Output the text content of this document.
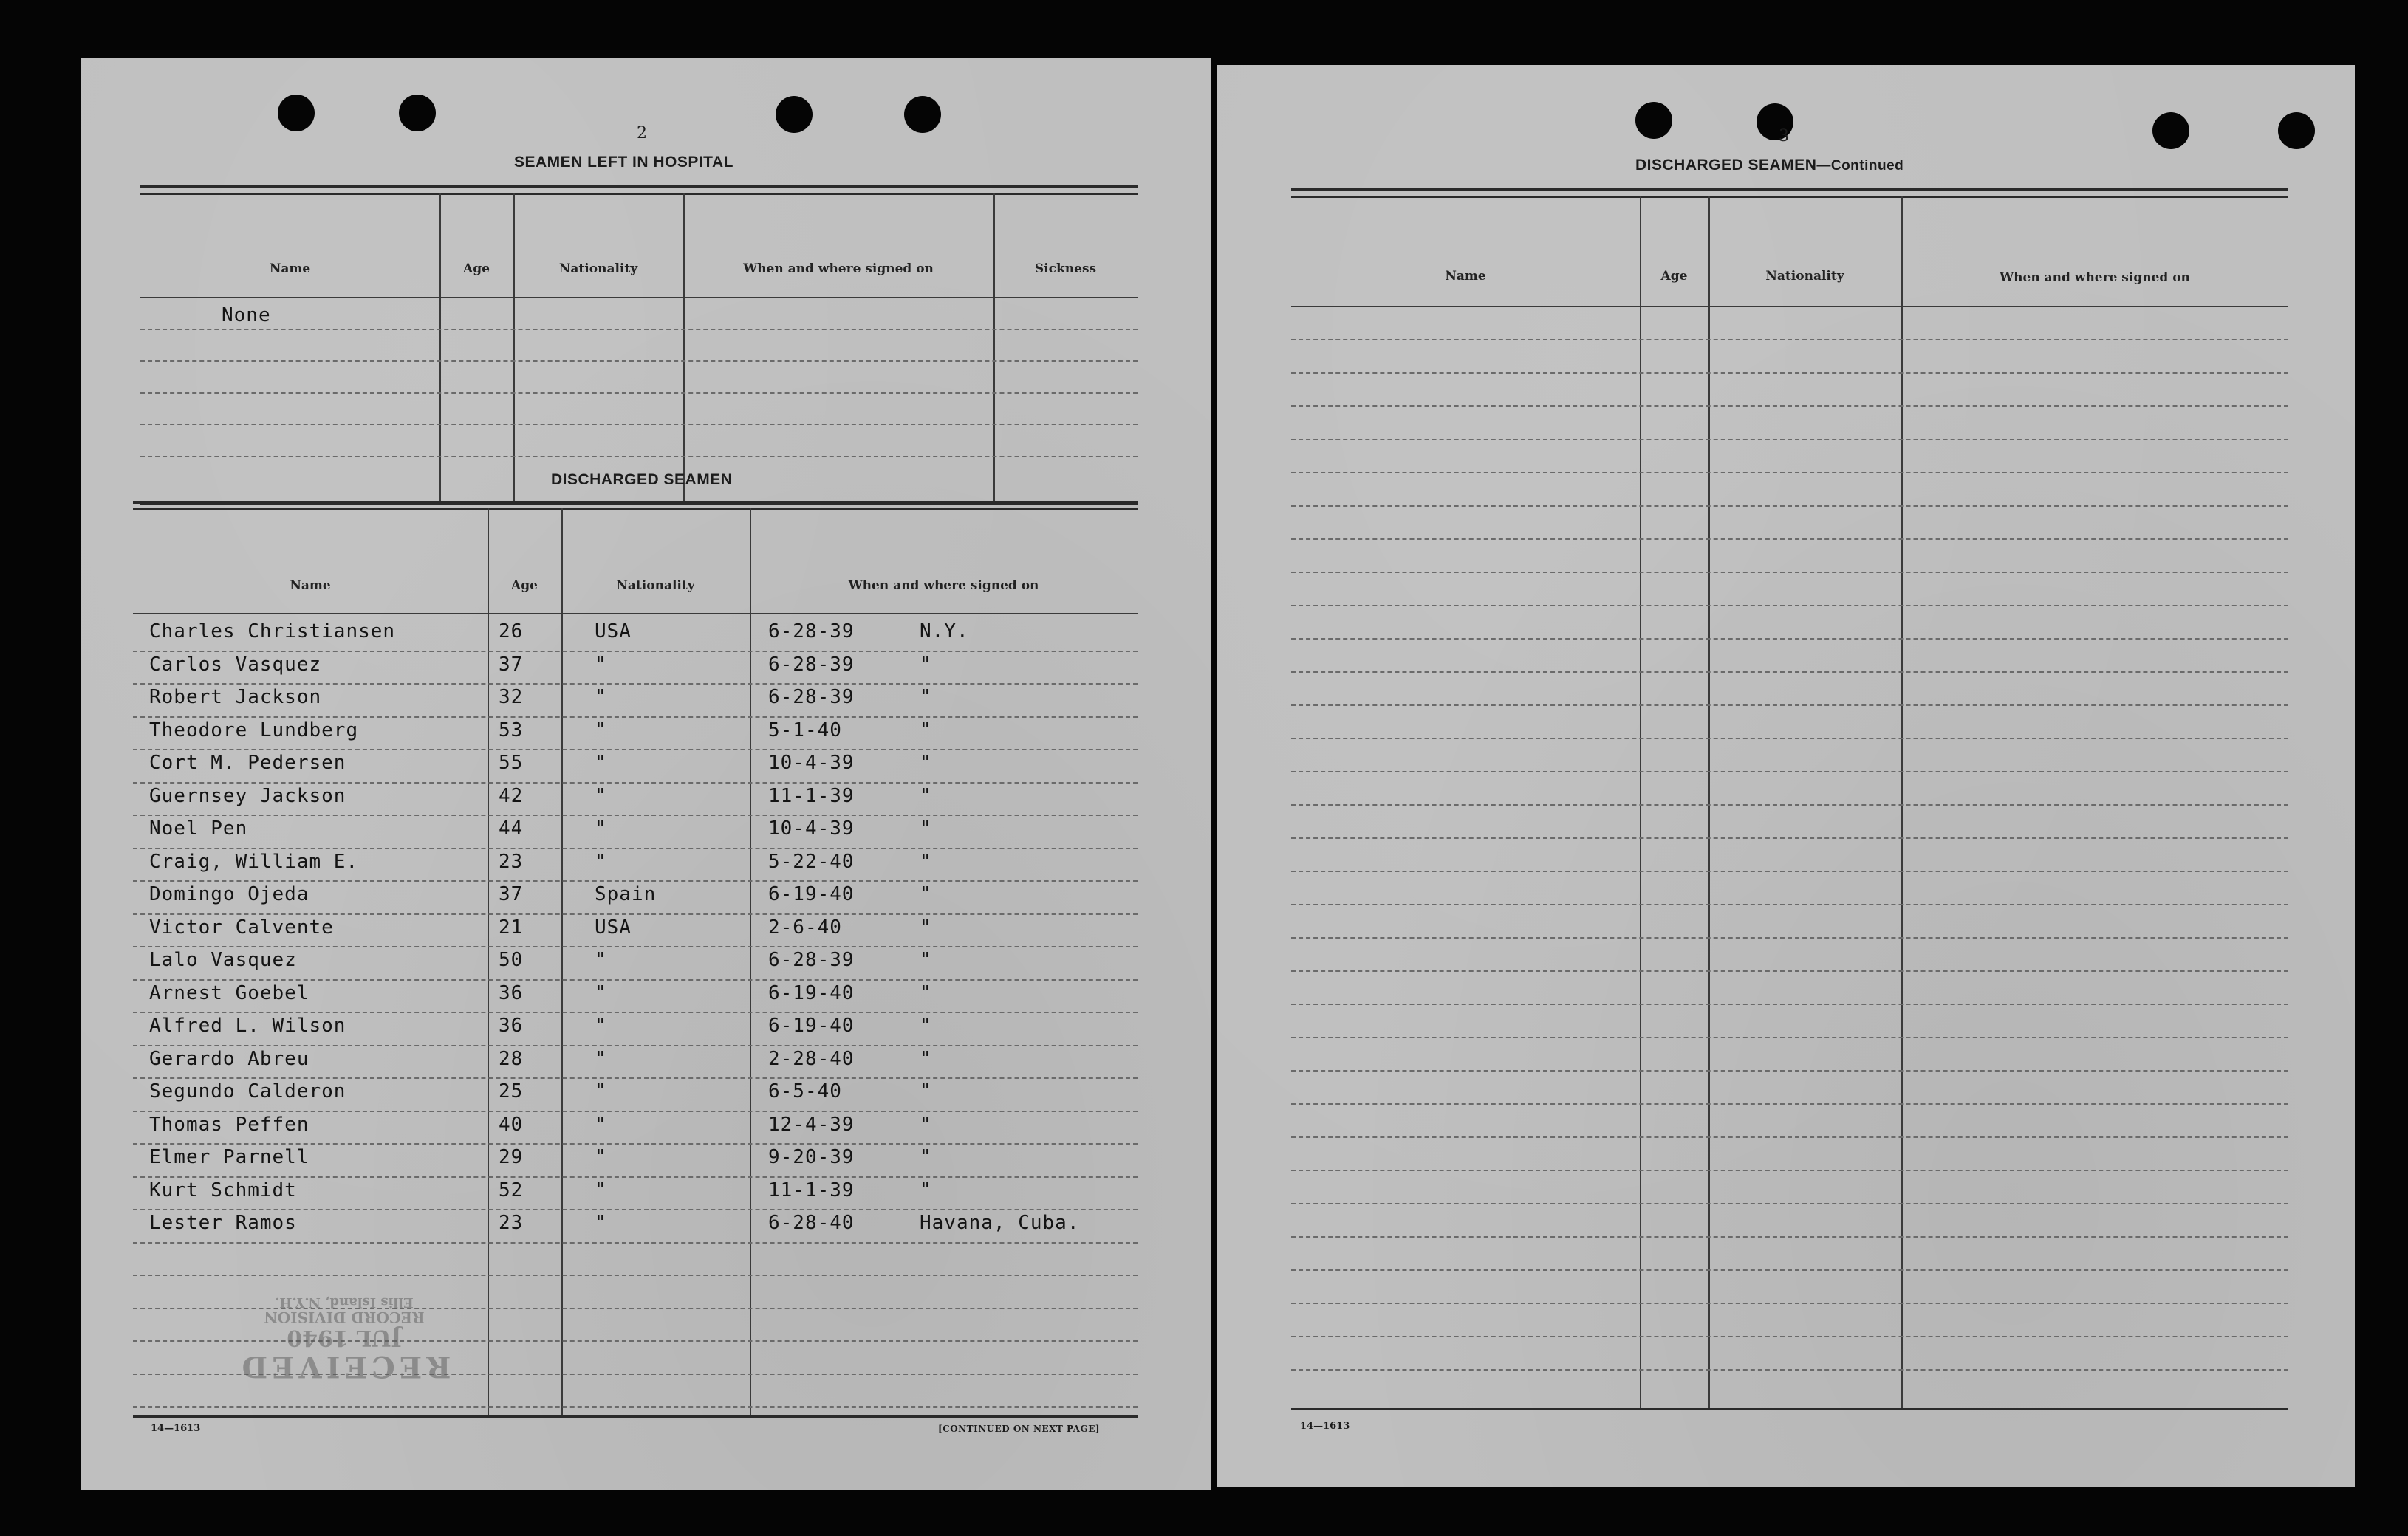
2
SEAMEN LEFT IN HOSPITAL
Name	Age	Nationality	When and where signed on	Sickness
None
DISCHARGED SEAMEN
Name	Age	Nationality	When and where signed on
Charles Christiansen	26	USA	6-28-39	N.Y.
Carlos Vasquez	37	"	6-28-39	"
Robert Jackson	32	"	6-28-39	"
Theodore Lundberg	53	"	5-1-40	"
Cort M. Pedersen	55	"	10-4-39	"
Guernsey Jackson	42	"	11-1-39	"
Noel Pen	44	"	10-4-39	"
Craig, William E.	23	"	5-22-40	"
Domingo Ojeda	37	Spain	6-19-40	"
Victor Calvente	21	USA	2-6-40	"
Lalo Vasquez	50	"	6-28-39	"
Arnest Goebel	36	"	6-19-40	"
Alfred L. Wilson	36	"	6-19-40	"
Gerardo Abreu	28	"	2-28-40	"
Segundo Calderon	25	"	6-5-40	"
Thomas Peffen	40	"	12-4-39	"
Elmer Parnell	29	"	9-20-39	"
Kurt Schmidt	52	"	11-1-39	"
Lester Ramos	23	"	6-28-40	Havana, Cuba.
RECEIVED
JUL 1940
RECORD DIVISION
Ellis Island, N.Y.H.
14—1613	[CONTINUED ON NEXT PAGE]
3
DISCHARGED SEAMEN—Continued
Name	Age	Nationality	When and where signed on
14—1613
